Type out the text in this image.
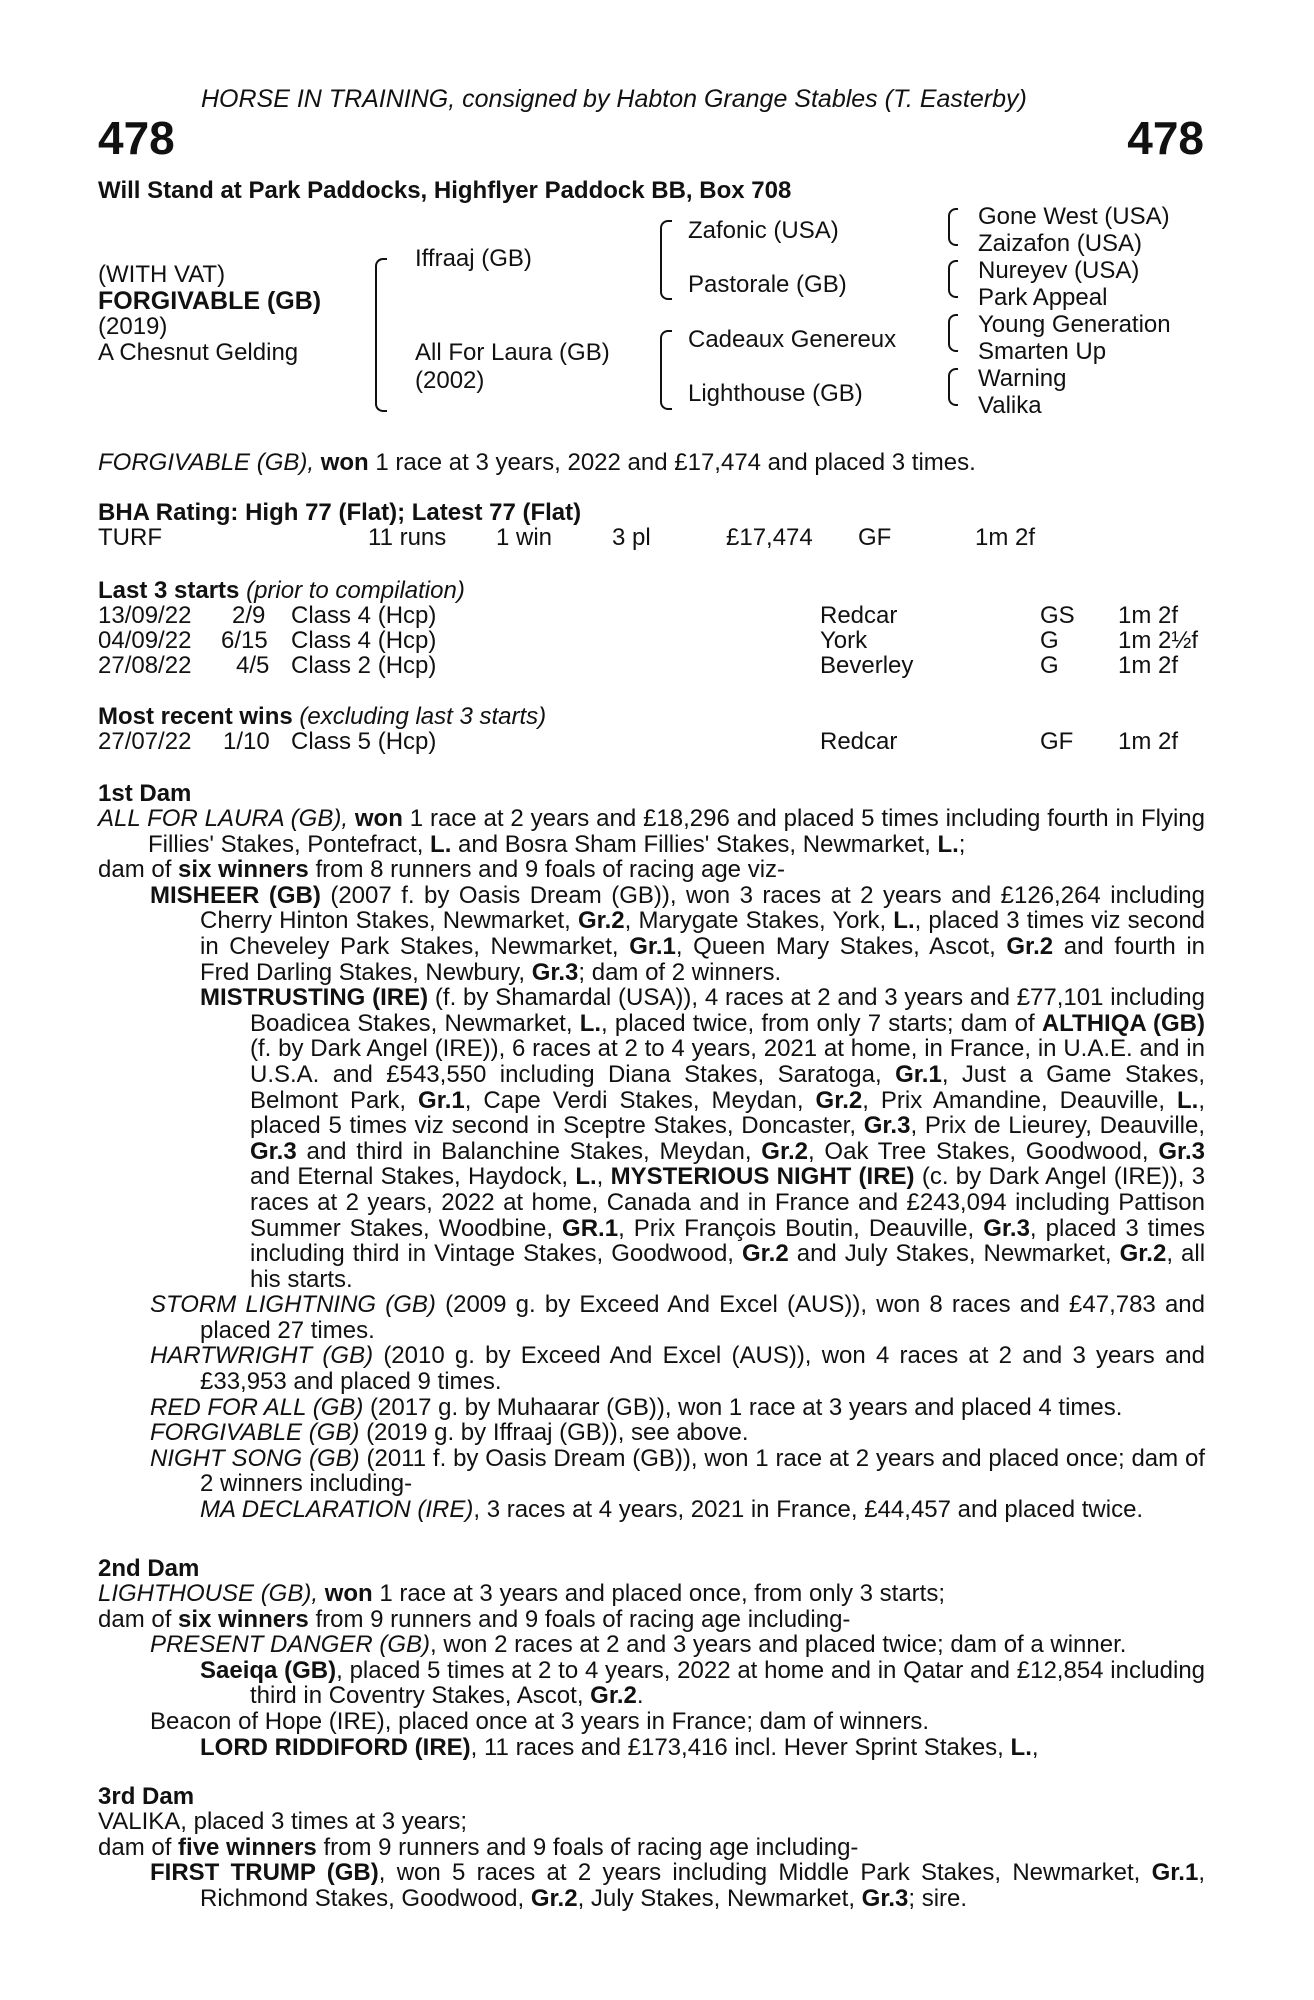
HORSE IN TRAINING, consigned by Habton Grange Stables (T. Easterby)
478	478
Will Stand at Park Paddocks, Highflyer Paddock BB, Box 708
(WITH VAT)
FORGIVABLE (GB)
(2019)
A Chesnut Gelding
Iffraaj (GB)
All For Laura (GB)
(2002)
Zafonic (USA)
Pastorale (GB)
Cadeaux Genereux
Lighthouse (GB)
Gone West (USA)
Zaizafon (USA)
Nureyev (USA)
Park Appeal
Young Generation
Smarten Up
Warning
Valika
FORGIVABLE (GB), won 1 race at 3 years, 2022 and £17,474 and placed 3 times.
BHA Rating: High 77 (Flat); Latest 77 (Flat)
TURF	11 runs 1 win 3 pl	£17,474 GF	1m 2f
Last 3 starts (prior to compilation)
13/09/22 2/9 Class 4 (Hcp)	Redcar	GS 1m 2f
04/09/22 6/15 Class 4 (Hcp)	York	G 1m 2½f
27/08/22 4/5 Class 2 (Hcp)	Beverley	G 1m 2f
Most recent wins (excluding last 3 starts)
27/07/22 1/10 Class 5 (Hcp)	Redcar	GF 1m 2f
1st Dam

ALL FOR LAURA (GB), won 1 race at 2 years and £18,296 and placed 5 times including fourth in Flying Fillies' Stakes, Pontefract, L. and Bosra Sham Fillies' Stakes, Newmarket, L.;

dam of six winners from 8 runners and 9 foals of racing age viz-

MISHEER (GB) (2007 f. by Oasis Dream (GB)), won 3 races at 2 years and £126,264 including Cherry Hinton Stakes, Newmarket, Gr.2, Marygate Stakes, York, L., placed 3 times viz second in Cheveley Park Stakes, Newmarket, Gr.1, Queen Mary Stakes, Ascot, Gr.2 and fourth in Fred Darling Stakes, Newbury, Gr.3; dam of 2 winners.

MISTRUSTING (IRE) (f. by Shamardal (USA)), 4 races at 2 and 3 years and £77,101 including Boadicea Stakes, Newmarket, L., placed twice, from only 7 starts; dam of ALTHIQA (GB) (f. by Dark Angel (IRE)), 6 races at 2 to 4 years, 2021 at home, in France, in U.A.E. and in U.S.A. and £543,550 including Diana Stakes, Saratoga, Gr.1, Just a Game Stakes, Belmont Park, Gr.1, Cape Verdi Stakes, Meydan, Gr.2, Prix Amandine, Deauville, L., placed 5 times viz second in Sceptre Stakes, Doncaster, Gr.3, Prix de Lieurey, Deauville, Gr.3 and third in Balanchine Stakes, Meydan, Gr.2, Oak Tree Stakes, Goodwood, Gr.3 and Eternal Stakes, Haydock, L., MYSTERIOUS NIGHT (IRE) (c. by Dark Angel (IRE)), 3 races at 2 years, 2022 at home, Canada and in France and £243,094 including Pattison Summer Stakes, Woodbine, GR.1, Prix François Boutin, Deauville, Gr.3, placed 3 times including third in Vintage Stakes, Goodwood, Gr.2 and July Stakes, Newmarket, Gr.2, all his starts.

STORM LIGHTNING (GB) (2009 g. by Exceed And Excel (AUS)), won 8 races and £47,783 and placed 27 times.

HARTWRIGHT (GB) (2010 g. by Exceed And Excel (AUS)), won 4 races at 2 and 3 years and £33,953 and placed 9 times.

RED FOR ALL (GB) (2017 g. by Muhaarar (GB)), won 1 race at 3 years and placed 4 times.

FORGIVABLE (GB) (2019 g. by Iffraaj (GB)), see above.

NIGHT SONG (GB) (2011 f. by Oasis Dream (GB)), won 1 race at 2 years and placed once; dam of 2 winners including-

MA DECLARATION (IRE), 3 races at 4 years, 2021 in France, £44,457 and placed twice.

2nd Dam

LIGHTHOUSE (GB), won 1 race at 3 years and placed once, from only 3 starts;

dam of six winners from 9 runners and 9 foals of racing age including-

PRESENT DANGER (GB), won 2 races at 2 and 3 years and placed twice; dam of a winner.

Saeiqa (GB), placed 5 times at 2 to 4 years, 2022 at home and in Qatar and £12,854 including third in Coventry Stakes, Ascot, Gr.2.

Beacon of Hope (IRE), placed once at 3 years in France; dam of winners.

LORD RIDDIFORD (IRE), 11 races and £173,416 incl. Hever Sprint Stakes, L.,

3rd Dam

VALIKA, placed 3 times at 3 years;

dam of five winners from 9 runners and 9 foals of racing age including-

FIRST TRUMP (GB), won 5 races at 2 years including Middle Park Stakes, Newmarket, Gr.1, Richmond Stakes, Goodwood, Gr.2, July Stakes, Newmarket, Gr.3; sire.
